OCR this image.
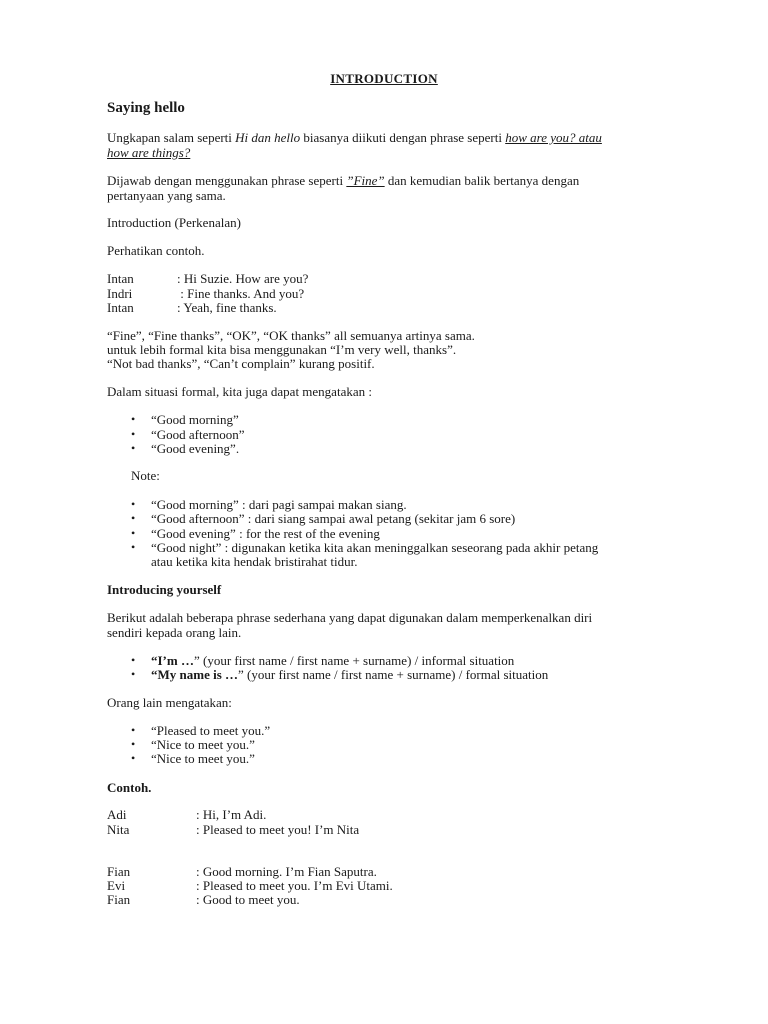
INTRODUCTION
Saying hello
Ungkapan salam seperti Hi dan hello biasanya diikuti dengan phrase seperti how are you? atau
how are things?
Dijawab dengan menggunakan phrase seperti ”Fine” dan kemudian balik bertanya dengan
pertanyaan yang sama.
Introduction (Perkenalan)
Perhatikan contoh.
Intan	: Hi Suzie. How are you?
Indri	: Fine thanks. And you?
Intan	: Yeah, fine thanks.
“Fine”, “Fine thanks”, “OK”, “OK thanks” all semuanya artinya sama.
untuk lebih formal kita bisa menggunakan “I’m very well, thanks”.
“Not bad thanks”, “Can’t complain” kurang positif.
Dalam situasi formal, kita juga dapat mengatakan :
• “Good morning”
• “Good afternoon”
• “Good evening”.
Note:
• “Good morning” : dari pagi sampai makan siang.
• “Good afternoon” : dari siang sampai awal petang (sekitar jam 6 sore)
• “Good evening” : for the rest of the evening
• “Good night” : digunakan ketika kita akan meninggalkan seseorang pada akhir petang
atau ketika kita hendak bristirahat tidur.
Introducing yourself
Berikut adalah beberapa phrase sederhana yang dapat digunakan dalam memperkenalkan diri
sendiri kepada orang lain.
• “I’m …” (your first name / first name + surname) / informal situation
• “My name is …” (your first name / first name + surname) / formal situation
Orang lain mengatakan:
• “Pleased to meet you.”
• “Nice to meet you.”
• “Nice to meet you.”
Contoh.
Adi	: Hi, I’m Adi.
Nita	: Pleased to meet you! I’m Nita
Fian	: Good morning. I’m Fian Saputra.
Evi	: Pleased to meet you. I’m Evi Utami.
Fian	: Good to meet you.
